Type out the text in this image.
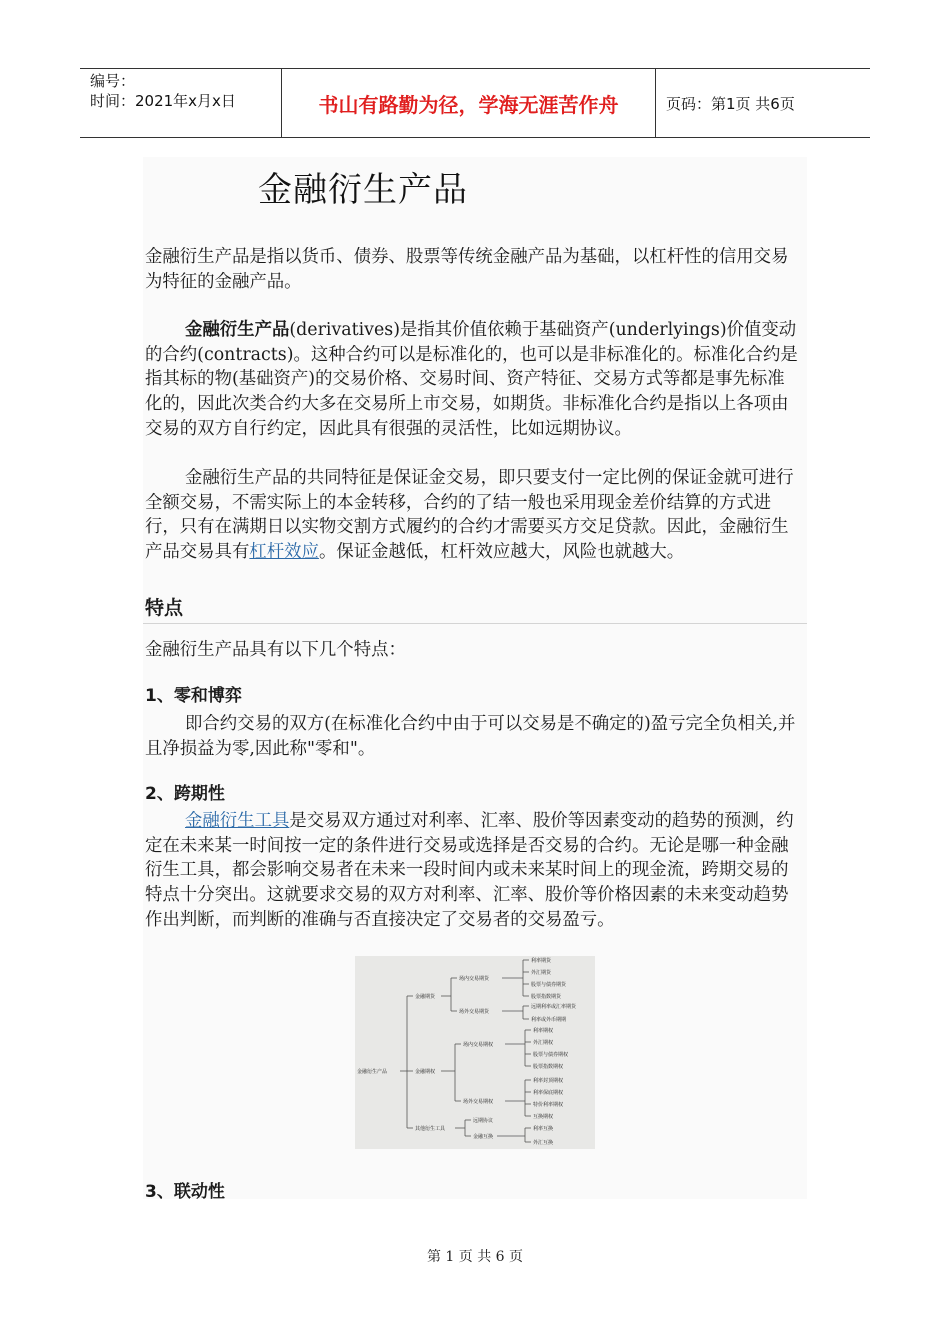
编号：
时间：2021年x月x日	书山有路勤为径，学海无涯苦作舟	页码：第1页 共6页
金融衍生产品

金融衍生产品是指以货币、债券、股票等传统金融产品为基础，以杠杆性的信用交易为特征的金融产品。

金融衍生产品(derivatives)是指其价值依赖于基础资产(underlyings)价值变动的合约(contracts)。这种合约可以是标准化的，也可以是非标准化的。标准化合约是指其标的物(基础资产)的交易价格、交易时间、资产特征、交易方式等都是事先标准化的，因此次类合约大多在交易所上市交易，如期货。非标准化合约是指以上各项由交易的双方自行约定，因此具有很强的灵活性，比如远期协议。

金融衍生产品的共同特征是保证金交易，即只要支付一定比例的保证金就可进行全额交易，不需实际上的本金转移，合约的了结一般也采用现金差价结算的方式进行，只有在满期日以实物交割方式履约的合约才需要买方交足贷款。因此，金融衍生产品交易具有杠杆效应。保证金越低，杠杆效应越大，风险也就越大。

特点

金融衍生产品具有以下几个特点：

1、零和博弈

即合约交易的双方(在标准化合约中由于可以交易是不确定的)盈亏完全负相关,并且净损益为零,因此称"零和"。

2、跨期性

金融衍生工具是交易双方通过对利率、汇率、股价等因素变动的趋势的预测，约定在未来某一时间按一定的条件进行交易或选择是否交易的合约。无论是哪一种金融衍生工具，都会影响交易者在未来一段时间内或未来某时间上的现金流，跨期交易的特点十分突出。这就要求交易的双方对利率、汇率、股价等价格因素的未来变动趋势作出判断，而判断的准确与否直接决定了交易者的交易盈亏。

金融衍生产品
金融期货
金融期权
其他衍生工具
场内交易期货
场外交易期货
场内交易期权
场外交易期权
远期协议
金融互换
利率期货
外汇期货
股票与债券期货
股票指数期货
远期利率或汇率期货
利率或外币期期
利率期权
外汇期权
股票与债券期权
股票指数期权
利率封顶期权
利率保底期权
特价利率期权
互换期权
利率互换
外汇互换
3、联动性
第 1 页 共 6 页
